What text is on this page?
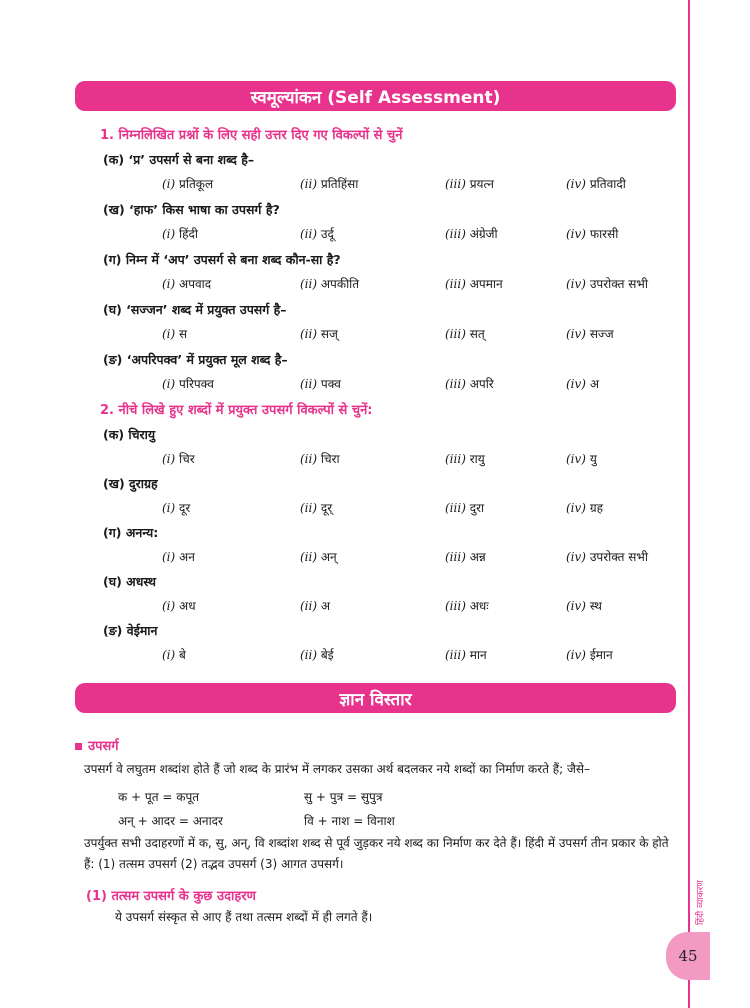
हिंदी व्याकरण
45
स्वमूल्यांकन (Self Assessment)
1. निम्नलिखित प्रश्नों के लिए सही उत्तर दिए गए विकल्पों से चुनें
(क) ‘प्र’ उपसर्ग से बना शब्द है–
(i) प्रतिकूल	(ii) प्रतिहिंसा	(iii) प्रयत्न	(iv) प्रतिवादी
(ख) ‘हाफ’ किस भाषा का उपसर्ग है?
(i) हिंदी	(ii) उर्दू	(iii) अंग्रेजी	(iv) फारसी
(ग) निम्न में ‘अप’ उपसर्ग से बना शब्द कौन-सा है?
(i) अपवाद	(ii) अपकीति	(iii) अपमान	(iv) उपरोक्त सभी
(घ) ‘सज्जन’ शब्द में प्रयुक्त उपसर्ग है–
(i) स	(ii) सज्	(iii) सत्	(iv) सज्ज
(ङ) ‘अपरिपक्व’ में प्रयुक्त मूल शब्द है–
(i) परिपक्व	(ii) पक्व	(iii) अपरि	(iv) अ
2. नीचे लिखे हुए शब्दों में प्रयुक्त उपसर्ग विकल्पों से चुनें:
(क) चिरायु
(i) चिर	(ii) चिरा	(iii) रायु	(iv) यु
(ख) दुराग्रह
(i) दूर	(ii) दूर्	(iii) दुरा	(iv) ग्रह
(ग) अनन्य:
(i) अन	(ii) अन्	(iii) अन्न	(iv) उपरोक्त सभी
(घ) अधस्थ
(i) अध	(ii) अ	(iii) अधः	(iv) स्थ
(ङ) वेईमान
(i) बे	(ii) बेई	(iii) मान	(iv) ईमान
ज्ञान विस्तार
उपसर्ग
उपसर्ग वे लघुतम शब्दांश होते हैं जो शब्द के प्रारंभ में लगकर उसका अर्थ बदलकर नये शब्दों का निर्माण करते हैं; जैसे–
क + पूत = कपूत	सु + पुत्र = सुपुत्र
अन् + आदर = अनादर	वि + नाश = विनाश
उपर्युक्त सभी उदाहरणों में क, सु, अन्, वि शब्दांश शब्द से पूर्व जुड़कर नये शब्द का निर्माण कर देते हैं। हिंदी में उपसर्ग तीन प्रकार के होते हैं: (1) तत्सम उपसर्ग (2) तद्भव उपसर्ग (3) आगत उपसर्ग।
(1) तत्सम उपसर्ग के कुछ उदाहरण
ये उपसर्ग संस्कृत से आए हैं तथा तत्सम शब्दों में ही लगते हैं।
